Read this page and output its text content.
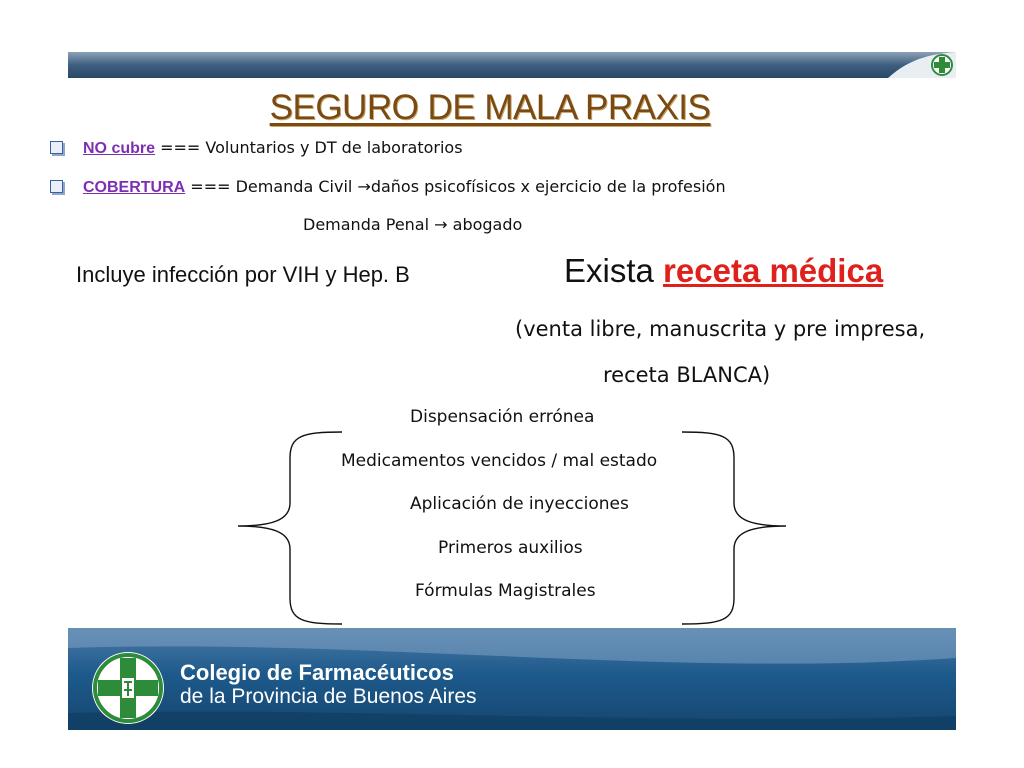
SEGURO DE MALA PRAXIS
NO cubre === Voluntarios y DT de laboratorios
COBERTURA === Demanda Civil →daños psicofísicos x ejercicio de la profesión
Demanda Penal → abogado
Incluye infección por VIH y Hep. B	Exista receta médica
(venta libre, manuscrita y pre impresa,
receta BLANCA)
Dispensación errónea
Medicamentos vencidos / mal estado
Aplicación de inyecciones
Primeros auxilios
Fórmulas Magistrales
Colegio de Farmacéuticos
de la Provincia de Buenos Aires
